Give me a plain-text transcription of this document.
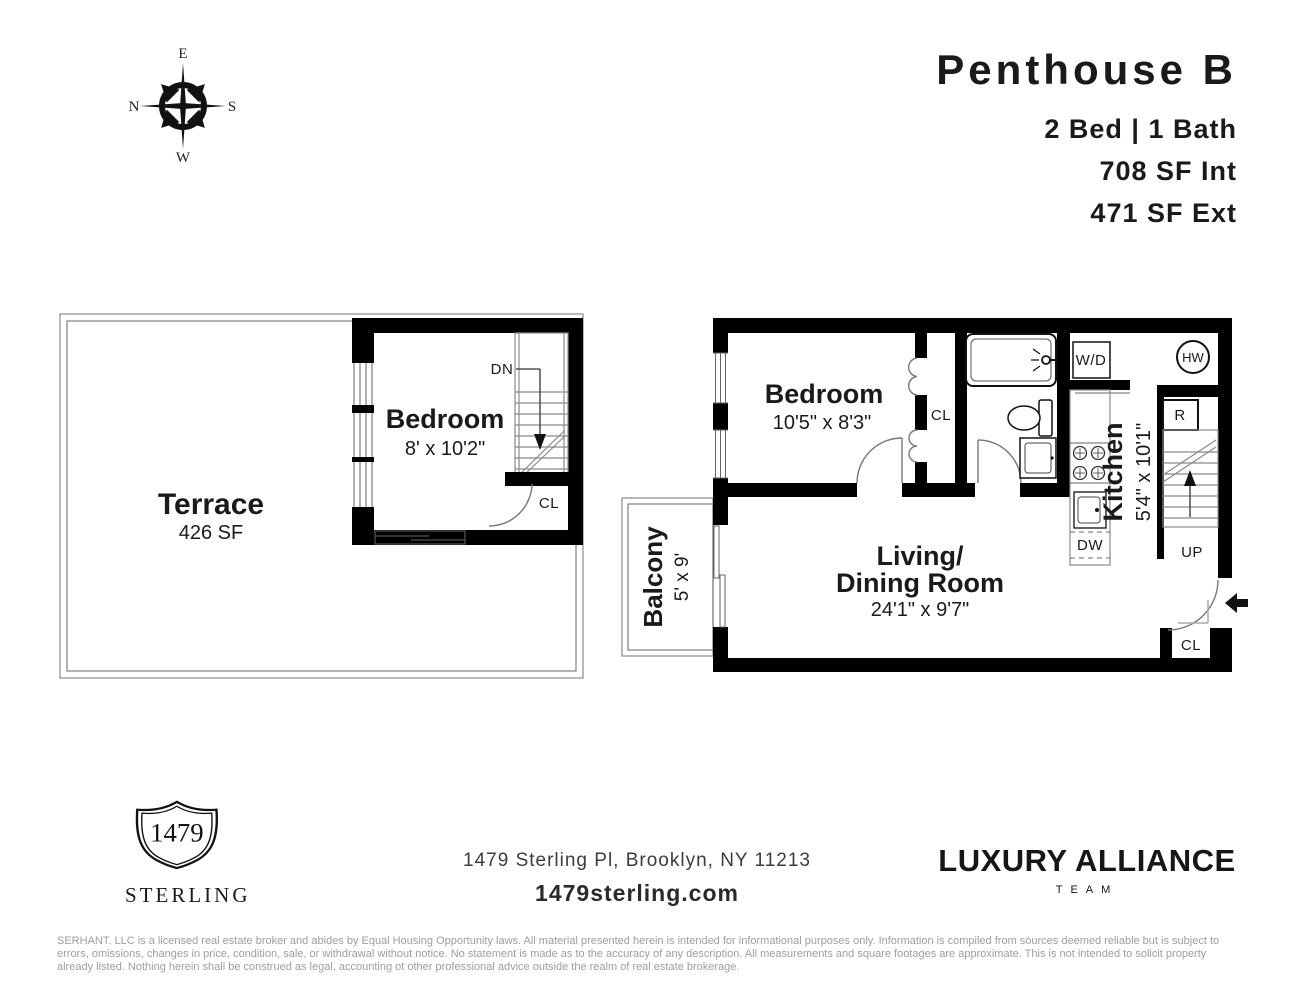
E
S
W
N
Penthouse B
2 Bed | 1 Bath
708 SF Int
471 SF Ext
DN
CL
Bedroom
8' x 10'2"
Terrace
426 SF
W/D	HW
DW
R
UP
CL
CL
Bedroom
10'5" x 8'3"
Living/
Dining Room
24'1" x 9'7"
Kitchen 5'4" x 10'1"
Balcony 5' x 9'
1479
STERLING
1479 Sterling Pl, Brooklyn, NY 11213
1479sterling.com
LUXURY ALLIANCE
TEAM
SERHANT. LLC is a licensed real estate broker and abides by Equal Housing Opportunity laws. All material presented herein is intended for informational purposes only. Information is compiled from sources deemed reliable but is subject to errors, omissions, changes in price, condition, sale, or withdrawal without notice. No statement is made as to the accuracy of any description. All measurements and square footages are approximate. This is not intended to solicit property already listed. Nothing herein shall be construed as legal, accounting ot other professional advice outside the realm of real estate brokerage.
